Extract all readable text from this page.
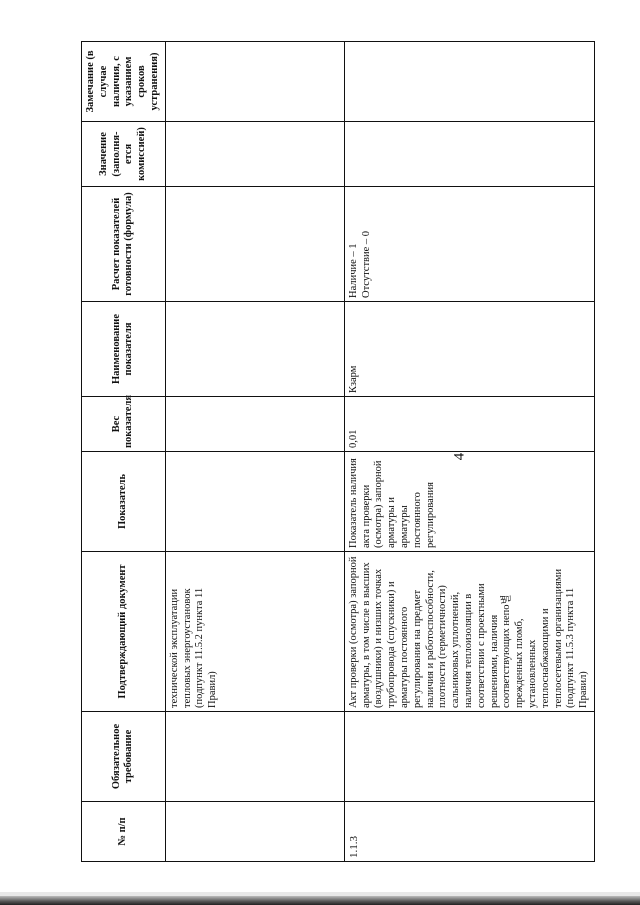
4
№ п/п	Обязательное требование	Подтверждающий документ	Показатель	Вес показателя	Наименование показателя	Расчет показателей готовности (формула)	Значение (заполня-ется комиссией)	Замечание (в случае наличия, с указанием сроков устранения)
		технической эксплуатации тепловых энергоустановок (подпункт 11.5.2 пункта 11 Правил)						
1.1.3		Акт проверки (осмотра) запорной арматуры, в том числе в высших (воздушники) и низших точках трубопровода (спускники) и арматуры постоянного регулирования на предмет наличия и работоспособности, плотности (герметичности) сальниковых уплотнений, наличия теплоизоляции в соответствии с проектными решениями, наличия соответствующих непо별прежденных пломб, установленных теплоснабжающими и теплосетевыми организациями (подпункт 11.5.3 пункта 11 Правил)	Показатель наличия акта проверки (осмотра) запорной арматуры и арматуры постоянного регулирования	0,01	Кзарм	Наличие – 1 Отсутствие – 0		
